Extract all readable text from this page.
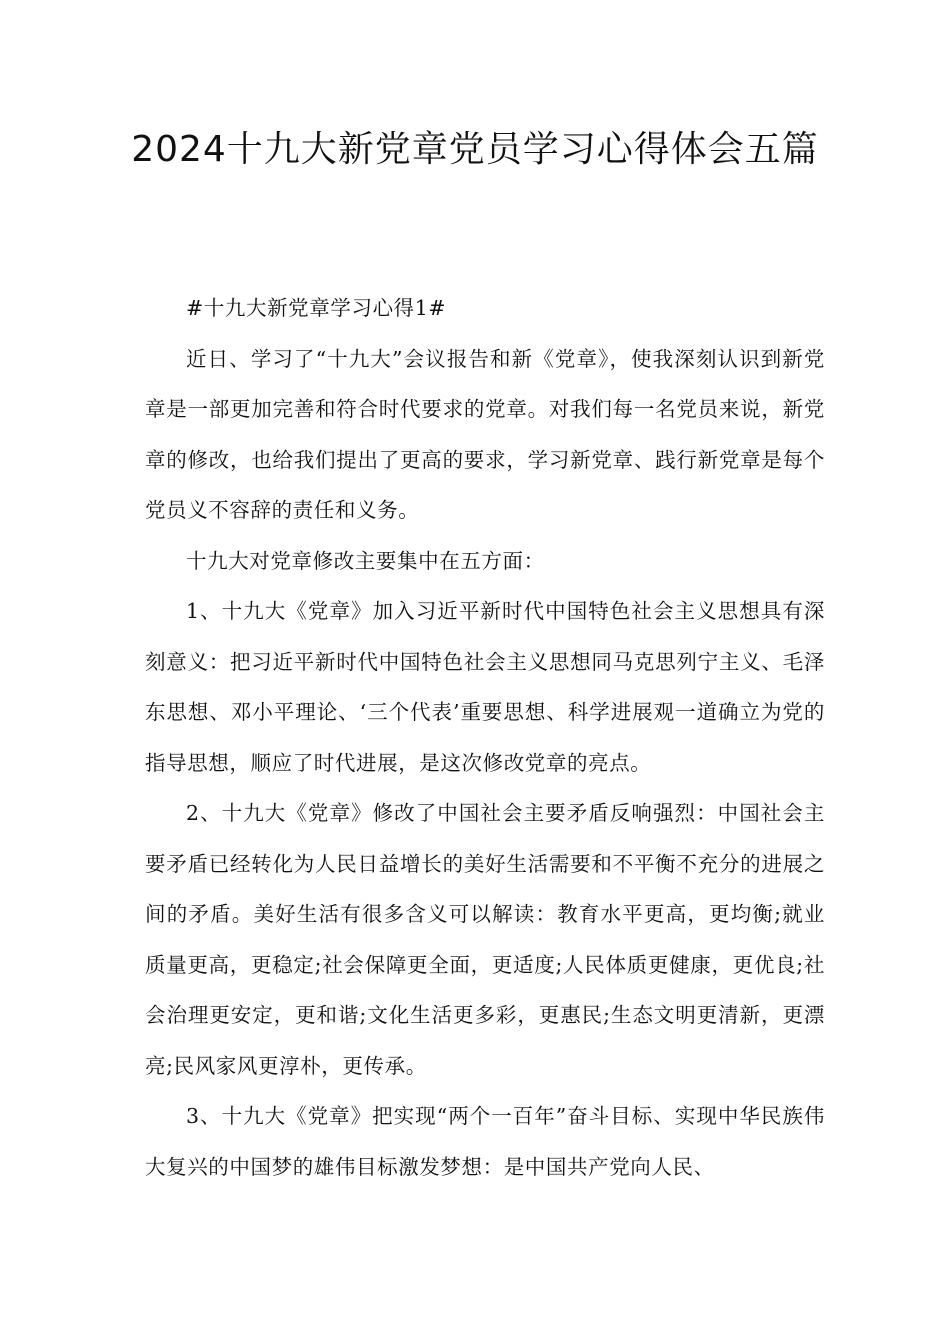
2024十九大新党章党员学习心得体会五篇

#十九大新党章学习心得1#

近日、学习了“十九大”会议报告和新《党章》，使我深刻认识到新党章是一部更加完善和符合时代要求的党章。对我们每一名党员来说，新党章的修改，也给我们提出了更高的要求，学习新党章、践行新党章是每个党员义不容辞的责任和义务。

十九大对党章修改主要集中在五方面：

1、十九大《党章》加入习近平新时代中国特色社会主义思想具有深刻意义：把习近平新时代中国特色社会主义思想同马克思列宁主义、毛泽东思想、邓小平理论、‘三个代表’重要思想、科学进展观一道确立为党的指导思想，顺应了时代进展，是这次修改党章的亮点。

2、十九大《党章》修改了中国社会主要矛盾反响强烈：中国社会主要矛盾已经转化为人民日益增长的美好生活需要和不平衡不充分的进展之间的矛盾。美好生活有很多含义可以解读：教育水平更高，更均衡;就业质量更高，更稳定;社会保障更全面，更适度;人民体质更健康，更优良;社会治理更安定，更和谐;文化生活更多彩，更惠民;生态文明更清新，更漂亮;民风家风更淳朴，更传承。

3、十九大《党章》把实现“两个一百年”奋斗目标、实现中华民族伟大复兴的中国梦的雄伟目标激发梦想：是中国共产党向人民、
